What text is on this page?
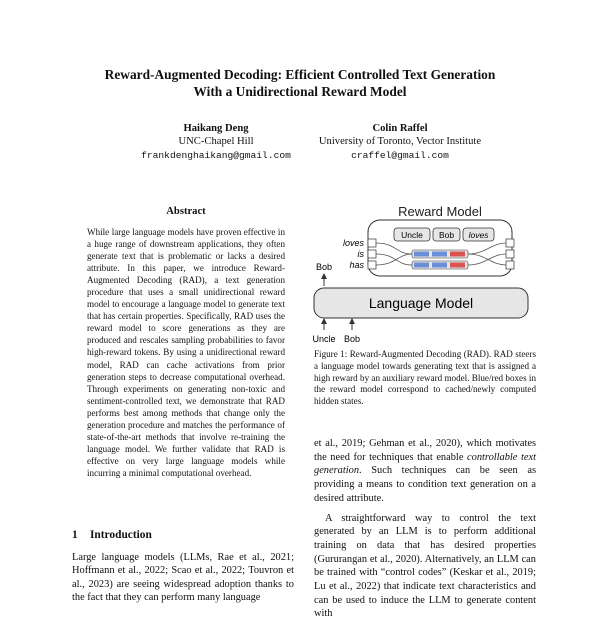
Reward-Augmented Decoding: Efficient Controlled Text Generation
With a Unidirectional Reward Model
Haikang Deng
UNC-Chapel Hill
frankdenghaikang@gmail.com
Colin Raffel
University of Toronto, Vector Institute
craffel@gmail.com
Abstract
While large language models have proven effective in a huge range of downstream applications, they often generate text that is problematic or lacks a desired attribute. In this paper, we introduce Reward-Augmented Decoding (RAD), a text generation procedure that uses a small unidirectional reward model to encourage a language model to generate text that has certain properties. Specifically, RAD uses the reward model to score generations as they are produced and rescales sampling probabilities to favor high-reward tokens. By using a unidirectional reward model, RAD can cache activations from prior generation steps to decrease computational overhead. Through experiments on generating non-toxic and sentiment-controlled text, we demonstrate that RAD performs best among methods that change only the generation procedure and matches the performance of state-of-the-art methods that involve re-training the language model. We further validate that RAD is effective on very large language models while incurring a minimal computational overhead.
1 Introduction
Large language models (LLMs, Rae et al., 2021; Hoffmann et al., 2022; Scao et al., 2022; Touvron et al., 2023) are seeing widespread adoption thanks to the fact that they can perform many language
Reward Model
Uncle Bob loves
loves
is
has
Bob
Language Model
Uncle Bob
Figure 1: Reward-Augmented Decoding (RAD). RAD steers a language model towards generating text that is assigned a high reward by an auxiliary reward model. Blue/red boxes in the reward model correspond to cached/newly computed hidden states.

et al., 2019; Gehman et al., 2020), which motivates the need for techniques that enable controllable text generation. Such techniques can be seen as providing a means to condition text generation on a desired attribute.

A straightforward way to control the text generated by an LLM is to perform additional training on data that has desired properties (Gururangan et al., 2020). Alternatively, an LLM can be trained with “control codes” (Keskar et al., 2019; Lu et al., 2022) that indicate text characteristics and can be used to induce the LLM to generate content with
